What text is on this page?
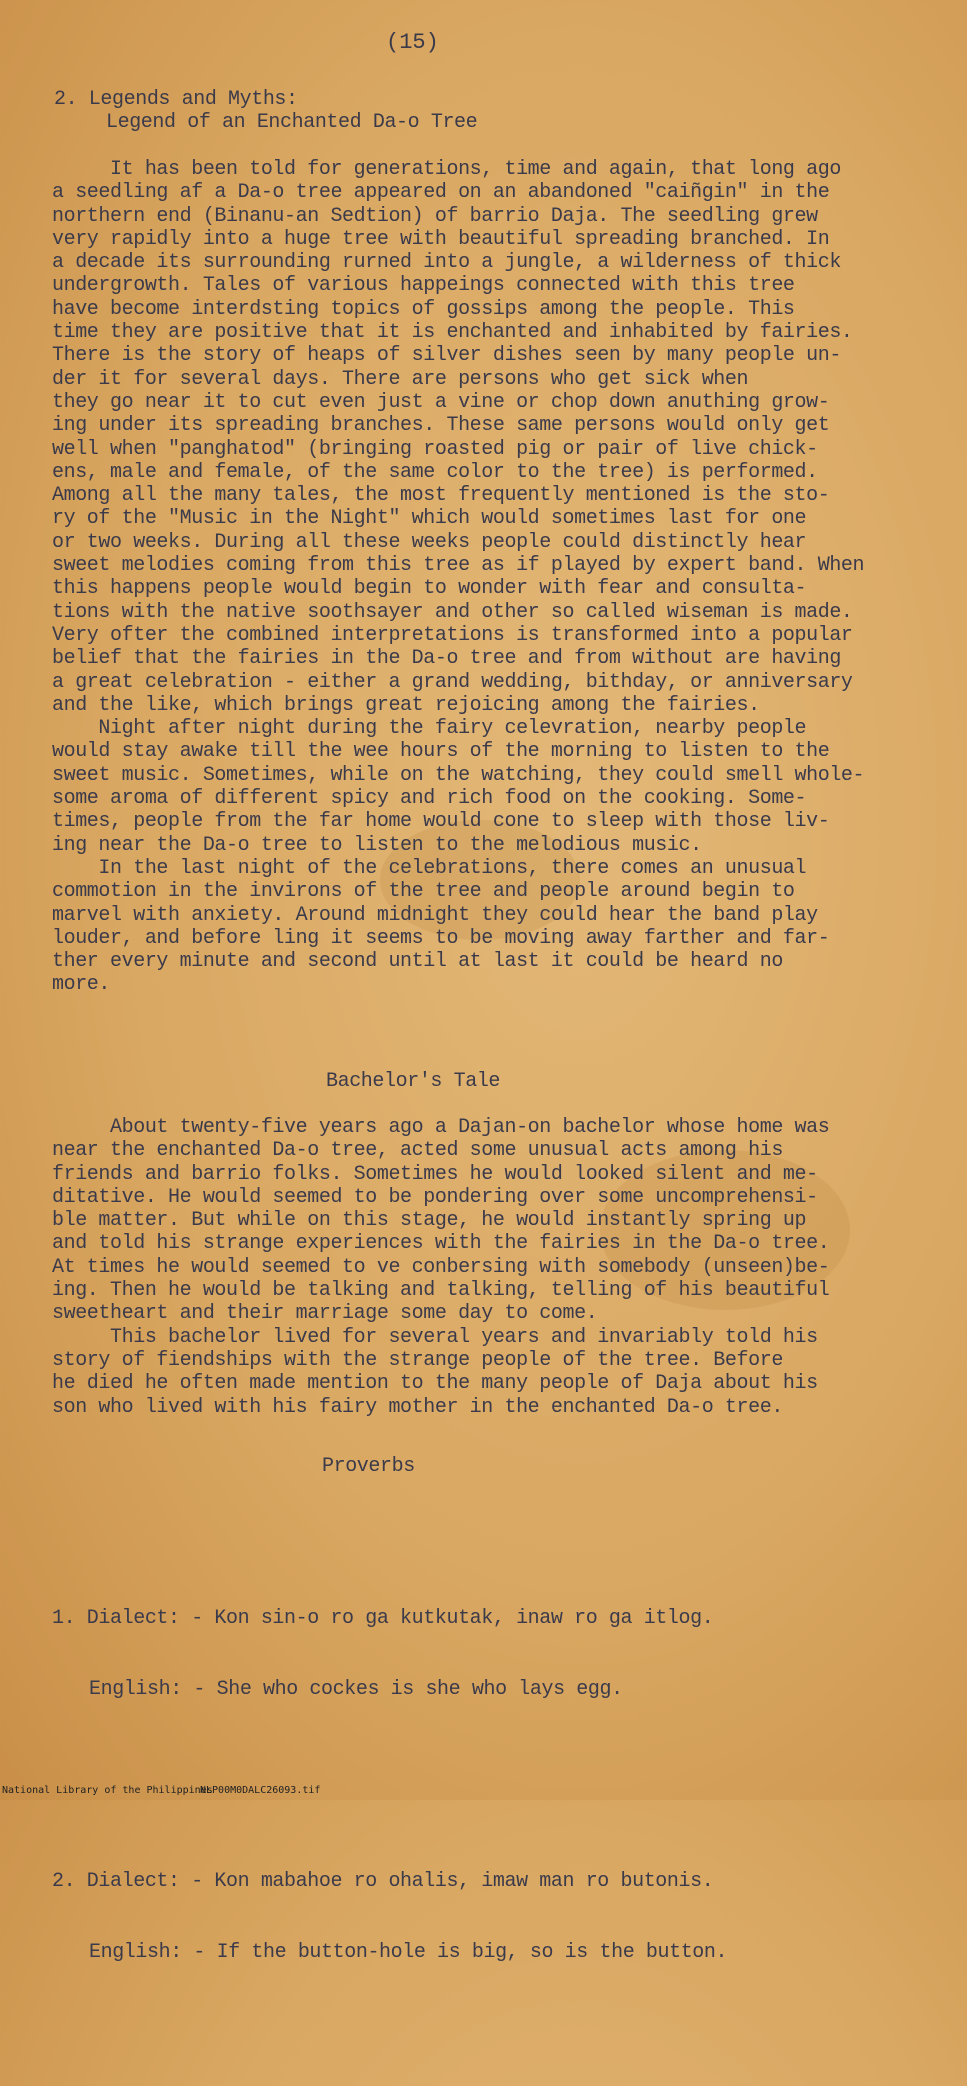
(15)
2. Legends and Myths:
Legend of an Enchanted Da-o Tree
It has been told for generations, time and again, that long ago
a seedling af a Da-o tree appeared on an abandoned "caiñgin" in the
northern end (Binanu-an Sedtion) of barrio Daja. The seedling grew
very rapidly into a huge tree with beautiful spreading branched. In
a decade its surrounding rurned into a jungle, a wilderness of thick
undergrowth. Tales of various happeings connected with this tree
have become interdsting topics of gossips among the people. This
time they are positive that it is enchanted and inhabited by fairies.
There is the story of heaps of silver dishes seen by many people un-
der it for several days. There are persons who get sick when
they go near it to cut even just a vine or chop down anuthing grow-
ing under its spreading branches. These same persons would only get
well when "panghatod" (bringing roasted pig or pair of live chick-
ens, male and female, of the same color to the tree) is performed.
Among all the many tales, the most frequently mentioned is the sto-
ry of the "Music in the Night" which would sometimes last for one
or two weeks. During all these weeks people could distinctly hear
sweet melodies coming from this tree as if played by expert band. When
this happens people would begin to wonder with fear and consulta-
tions with the native soothsayer and other so called wiseman is made.
Very ofter the combined interpretations is transformed into a popular
belief that the fairies in the Da-o tree and from without are having
a great celebration - either a grand wedding, bithday, or anniversary
and the like, which brings great rejoicing among the fairies.
Night after night during the fairy celevration, nearby people
would stay awake till the wee hours of the morning to listen to the
sweet music. Sometimes, while on the watching, they could smell whole-
some aroma of different spicy and rich food on the cooking. Some-
times, people from the far home would cone to sleep with those liv-
ing near the Da-o tree to listen to the melodious music.
In the last night of the celebrations, there comes an unusual
commotion in the invirons of the tree and people around begin to
marvel with anxiety. Around midnight they could hear the band play
louder, and before ling it seems to be moving away farther and far-
ther every minute and second until at last it could be heard no
more.
Bachelor's Tale
About twenty-five years ago a Dajan-on bachelor whose home was
near the enchanted Da-o tree, acted some unusual acts among his
friends and barrio folks. Sometimes he would looked silent and me-
ditative. He would seemed to be pondering over some uncomprehensi-
ble matter. But while on this stage, he would instantly spring up
and told his strange experiences with the fairies in the Da-o tree.
At times he would seemed to ve conbersing with somebody (unseen)be-
ing. Then he would be talking and talking, telling of his beautiful
sweetheart and their marriage some day to come.
This bachelor lived for several years and invariably told his
story of fiendships with the strange people of the tree. Before
he died he often made mention to the many people of Daja about his
son who lived with his fairy mother in the enchanted Da-o tree.
Proverbs

1. Dialect: - Kon sin-o ro ga kutkutak, inaw ro ga itlog.

English: - She who cockes is she who lays egg.

2. Dialect: - Kon mabahoe ro ohalis, imaw man ro butonis.

English: - If the button-hole is big, so is the button.

National Library of the Philippines
NLP00M0DALC26093.tif
